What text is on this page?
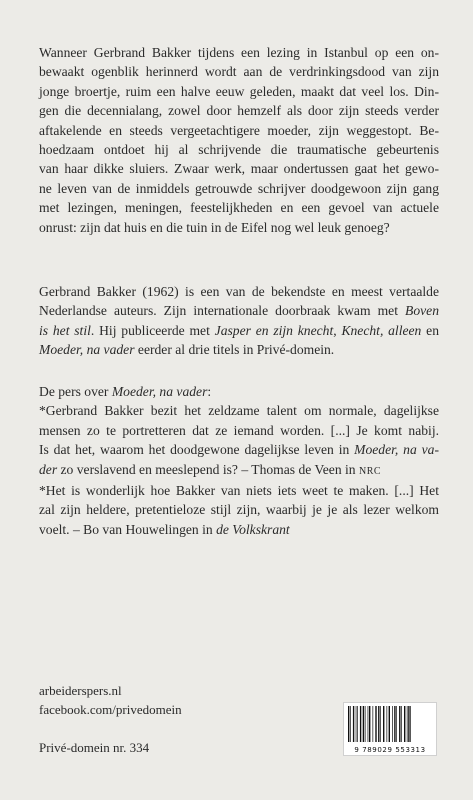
Wanneer Gerbrand Bakker tijdens een lezing in Istanbul op een on-

bewaakt ogenblik herinnerd wordt aan de verdrinkingsdood van zijn

jonge broertje, ruim een halve eeuw geleden, maakt dat veel los. Din-

gen die decennialang, zowel door hemzelf als door zijn steeds verder

aftakelende en steeds vergeetachtigere moeder, zijn weggestopt. Be-

hoedzaam ontdoet hij al schrijvende die traumatische gebeurtenis

van haar dikke sluiers. Zwaar werk, maar ondertussen gaat het gewo-

ne leven van de inmiddels getrouwde schrijver doodgewoon zijn gang

met lezingen, meningen, feestelijkheden en een gevoel van actuele

onrust: zijn dat huis en die tuin in de Eifel nog wel leuk genoeg?

Gerbrand Bakker (1962) is een van de bekendste en meest vertaalde

Nederlandse auteurs. Zijn internationale doorbraak kwam met Boven

is het stil. Hij publiceerde met Jasper en zijn knecht, Knecht, alleen en

Moeder, na vader eerder al drie titels in Privé-domein.

De pers over Moeder, na vader:

*Gerbrand Bakker bezit het zeldzame talent om normale, dagelijkse

mensen zo te portretteren dat ze iemand worden. [...] Je komt nabij.

Is dat het, waarom het doodgewone dagelijkse leven in Moeder, na va-

der zo verslavend en meeslepend is? – Thomas de Veen in NRC

*Het is wonderlijk hoe Bakker van niets iets weet te maken. [...] Het

zal zijn heldere, pretentieloze stijl zijn, waarbij je je als lezer welkom

voelt. – Bo van Houwelingen in de Volkskrant

arbeiderspers.nl
facebook.com/privedomein
Privé-domein nr. 334	9 789029 553313
